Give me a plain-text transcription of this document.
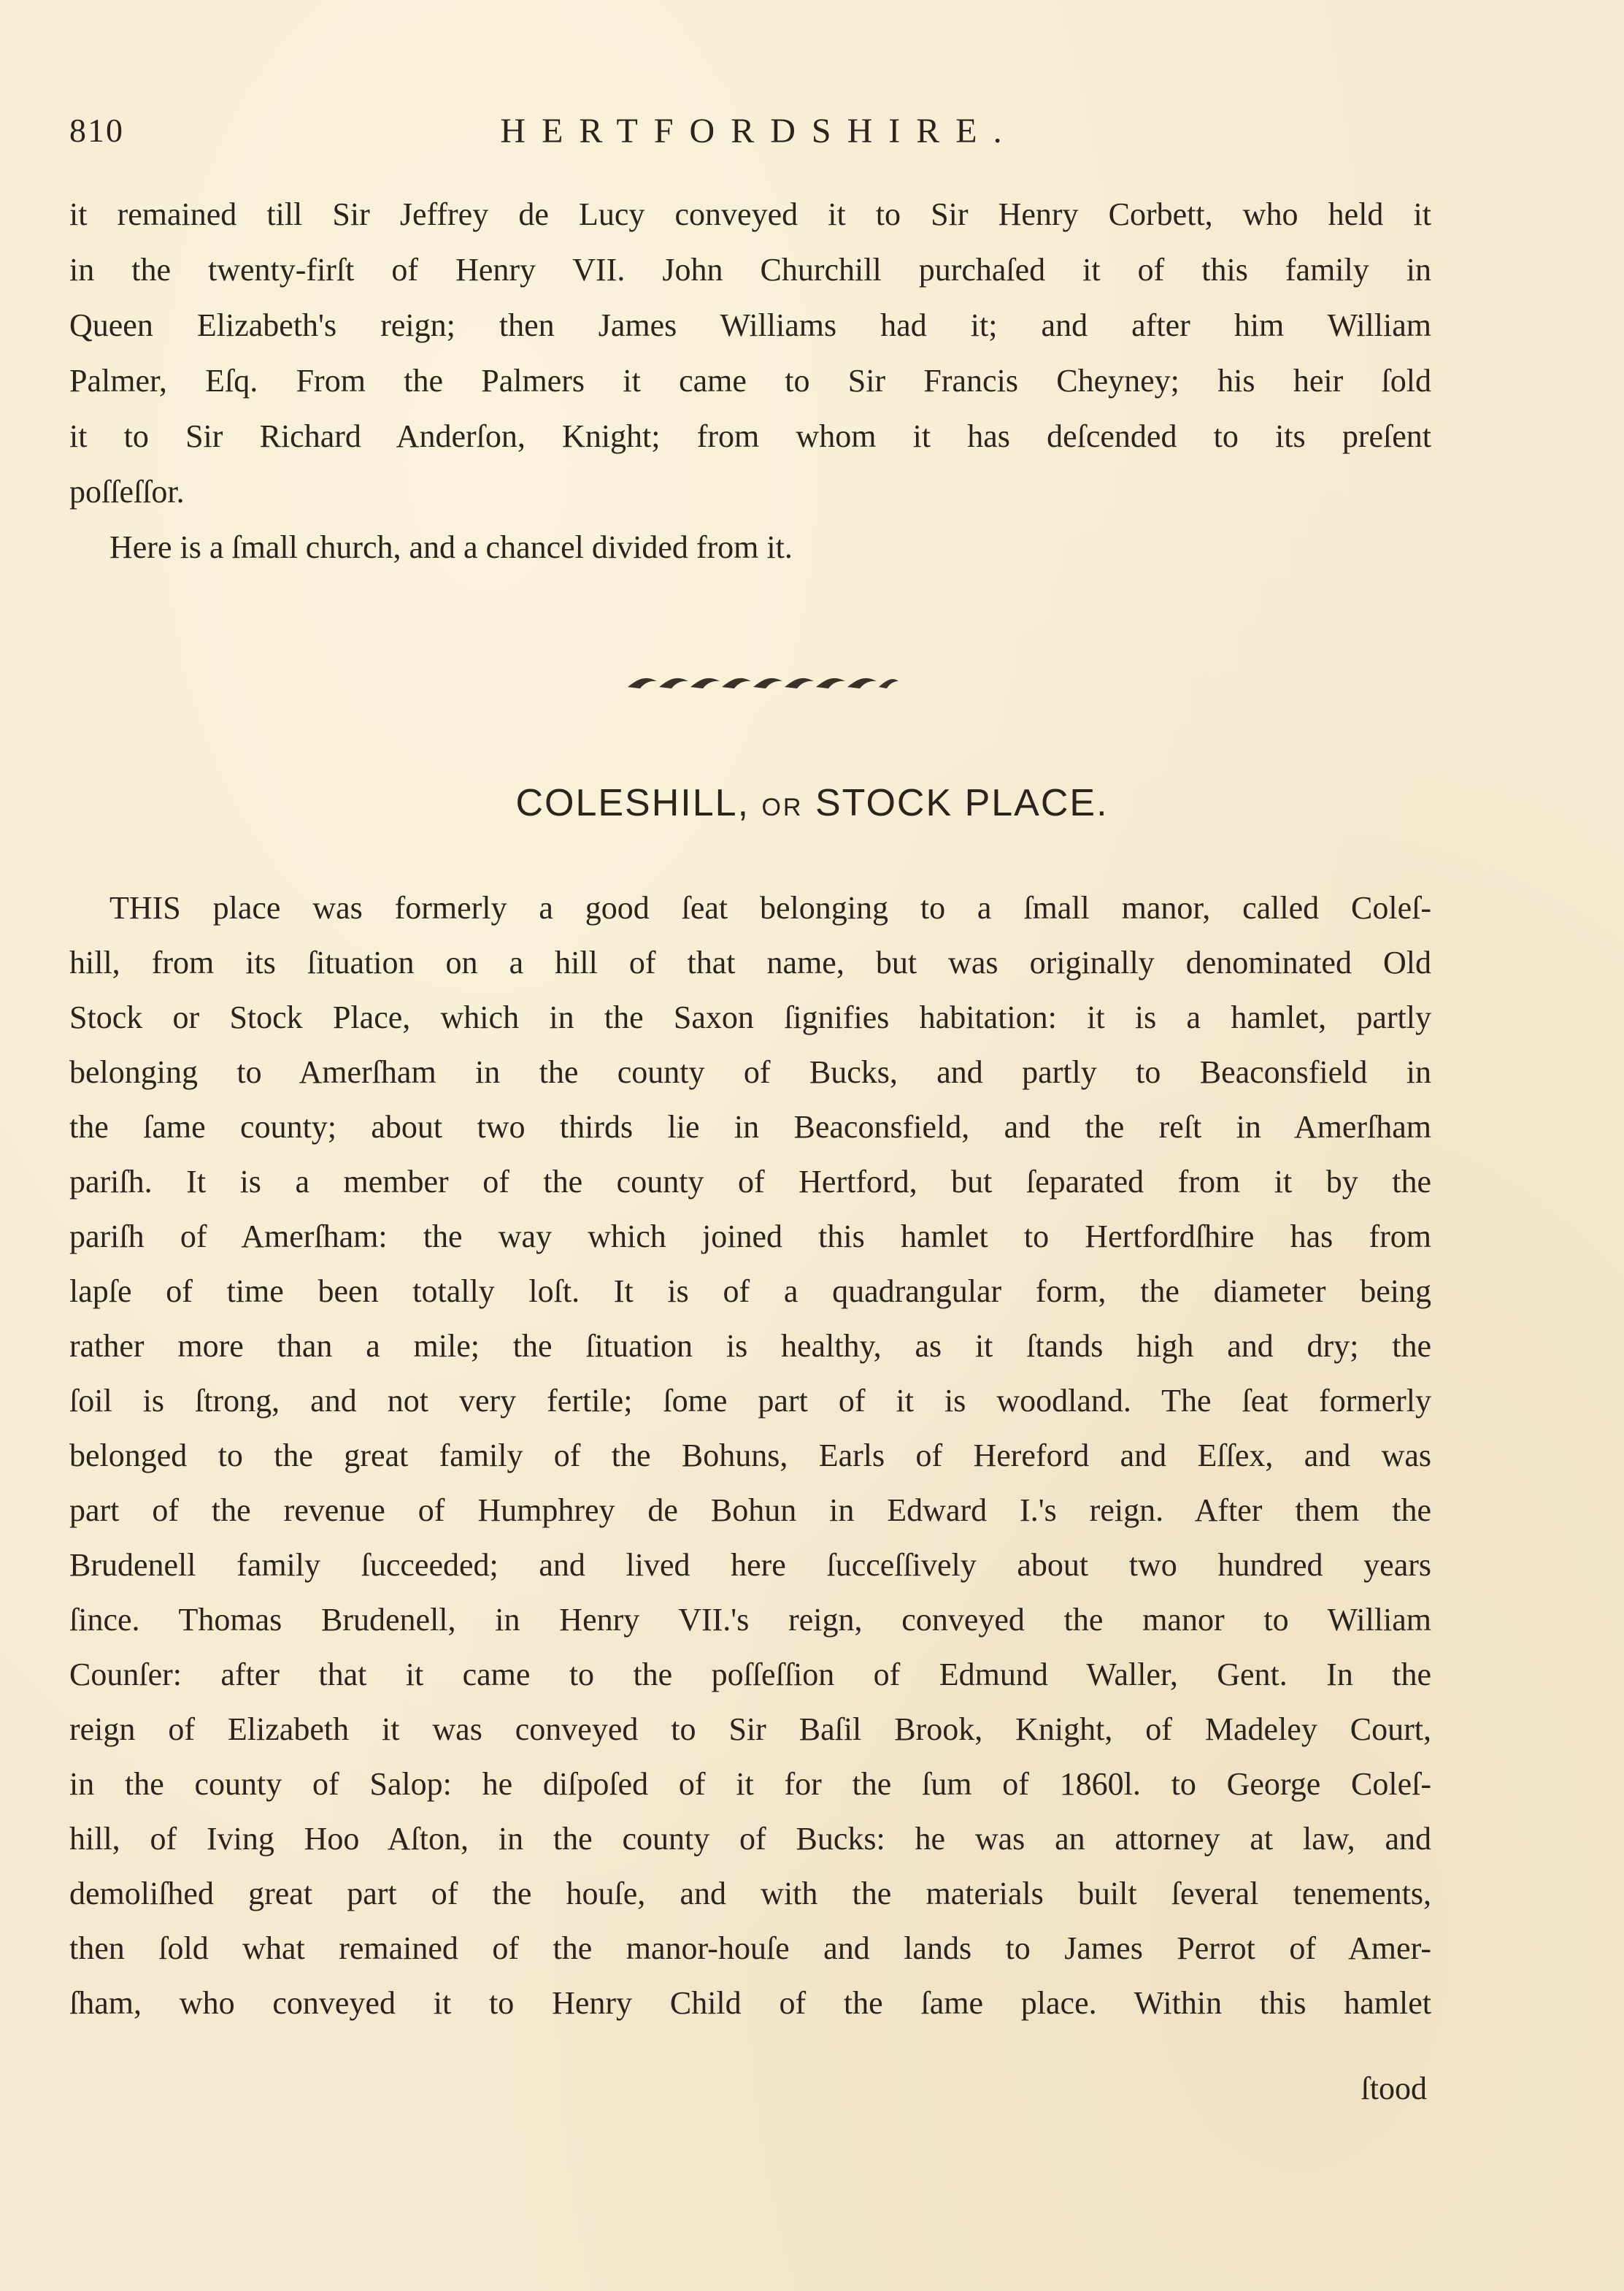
810	HERTFORDSHIRE.
it remained till Sir Jeffrey de Lucy conveyed it to Sir Henry Corbett, who held it
in the twenty-firſt of Henry VII. John Churchill purchaſed it of this family in
Queen Elizabeth's reign; then James Williams had it; and after him William
Palmer, Eſq. From the Palmers it came to Sir Francis Cheyney; his heir ſold
it to Sir Richard Anderſon, Knight; from whom it has deſcended to its preſent
poſſeſſor.
Here is a ſmall church, and a chancel divided from it.
COLESHILL, OR STOCK PLACE.
THIS place was formerly a good ſeat belonging to a ſmall manor, called Coleſ-
hill, from its ſituation on a hill of that name, but was originally denominated Old
Stock or Stock Place, which in the Saxon ſignifies habitation: it is a hamlet, partly
belonging to Amerſham in the county of Bucks, and partly to Beaconsfield in
the ſame county; about two thirds lie in Beaconsfield, and the reſt in Amerſham
pariſh. It is a member of the county of Hertford, but ſeparated from it by the
pariſh of Amerſham: the way which joined this hamlet to Hertfordſhire has from
lapſe of time been totally loſt. It is of a quadrangular form, the diameter being
rather more than a mile; the ſituation is healthy, as it ſtands high and dry; the
ſoil is ſtrong, and not very fertile; ſome part of it is woodland. The ſeat formerly
belonged to the great family of the Bohuns, Earls of Hereford and Eſſex, and was
part of the revenue of Humphrey de Bohun in Edward I.'s reign. After them the
Brudenell family ſucceeded; and lived here ſucceſſively about two hundred years
ſince. Thomas Brudenell, in Henry VII.'s reign, conveyed the manor to William
Counſer: after that it came to the poſſeſſion of Edmund Waller, Gent. In the
reign of Elizabeth it was conveyed to Sir Baſil Brook, Knight, of Madeley Court,
in the county of Salop: he diſpoſed of it for the ſum of 1860l. to George Coleſ-
hill, of Iving Hoo Aſton, in the county of Bucks: he was an attorney at law, and
demoliſhed great part of the houſe, and with the materials built ſeveral tenements,
then ſold what remained of the manor-houſe and lands to James Perrot of Amer-
ſham, who conveyed it to Henry Child of the ſame place. Within this hamlet
ſtood
